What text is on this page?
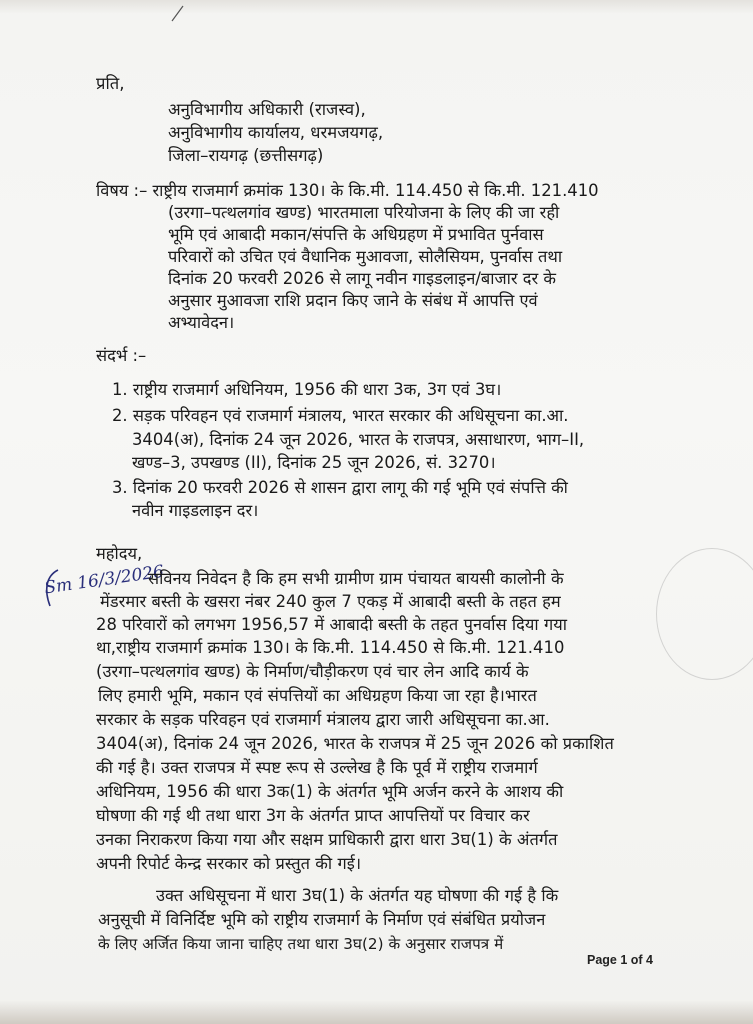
प्रति,
अनुविभागीय अधिकारी (राजस्व),
अनुविभागीय कार्यालय, धरमजयगढ़,
जिला–रायगढ़ (छत्तीसगढ़)
विषय :– राष्ट्रीय राजमार्ग क्रमांक 130। के कि.मी. 114.450 से कि.मी. 121.410
(उरगा–पत्थलगांव खण्ड) भारतमाला परियोजना के लिए की जा रही
भूमि एवं आबादी मकान/संपत्ति के अधिग्रहण में प्रभावित पुर्नवास
परिवारों को उचित एवं वैधानिक मुआवजा, सोलैसियम, पुनर्वास तथा
दिनांक 20 फरवरी 2026 से लागू नवीन गाइडलाइन/बाजार दर के
अनुसार मुआवजा राशि प्रदान किए जाने के संबंध में आपत्ति एवं
अभ्यावेदन।
संदर्भ :–
1. राष्ट्रीय राजमार्ग अधिनियम, 1956 की धारा 3क, 3ग एवं 3घ।
2. सड़क परिवहन एवं राजमार्ग मंत्रालय, भारत सरकार की अधिसूचना का.आ.
3404(अ), दिनांक 24 जून 2026, भारत के राजपत्र, असाधारण, भाग–II,
खण्ड–3, उपखण्ड (II), दिनांक 25 जून 2026, सं. 3270।
3. दिनांक 20 फरवरी 2026 से शासन द्वारा लागू की गई भूमि एवं संपत्ति की
नवीन गाइडलाइन दर।
महोदय,
Sm 16/3/2026
सविनय निवेदन है कि हम सभी ग्रामीण ग्राम पंचायत बायसी कालोनी के
मेंडरमार बस्ती के खसरा नंबर 240 कुल 7 एकड़ में आबादी बस्ती के तहत हम
28 परिवारों को लगभग 1956,57 में आबादी बस्ती के तहत पुनर्वास दिया गया
था,राष्ट्रीय राजमार्ग क्रमांक 130। के कि.मी. 114.450 से कि.मी. 121.410
(उरगा–पत्थलगांव खण्ड) के निर्माण/चौड़ीकरण एवं चार लेन आदि कार्य के
लिए हमारी भूमि, मकान एवं संपत्तियों का अधिग्रहण किया जा रहा है।भारत
सरकार के सड़क परिवहन एवं राजमार्ग मंत्रालय द्वारा जारी अधिसूचना का.आ.
3404(अ), दिनांक 24 जून 2026, भारत के राजपत्र में 25 जून 2026 को प्रकाशित
की गई है। उक्त राजपत्र में स्पष्ट रूप से उल्लेख है कि पूर्व में राष्ट्रीय राजमार्ग
अधिनियम, 1956 की धारा 3क(1) के अंतर्गत भूमि अर्जन करने के आशय की
घोषणा की गई थी तथा धारा 3ग के अंतर्गत प्राप्त आपत्तियों पर विचार कर
उनका निराकरण किया गया और सक्षम प्राधिकारी द्वारा धारा 3घ(1) के अंतर्गत
अपनी रिपोर्ट केन्द्र सरकार को प्रस्तुत की गई।
उक्त अधिसूचना में धारा 3घ(1) के अंतर्गत यह घोषणा की गई है कि
अनुसूची में विनिर्दिष्ट भूमि को राष्ट्रीय राजमार्ग के निर्माण एवं संबंधित प्रयोजन
के लिए अर्जित किया जाना चाहिए तथा धारा 3घ(2) के अनुसार राजपत्र में
Page 1 of 4
